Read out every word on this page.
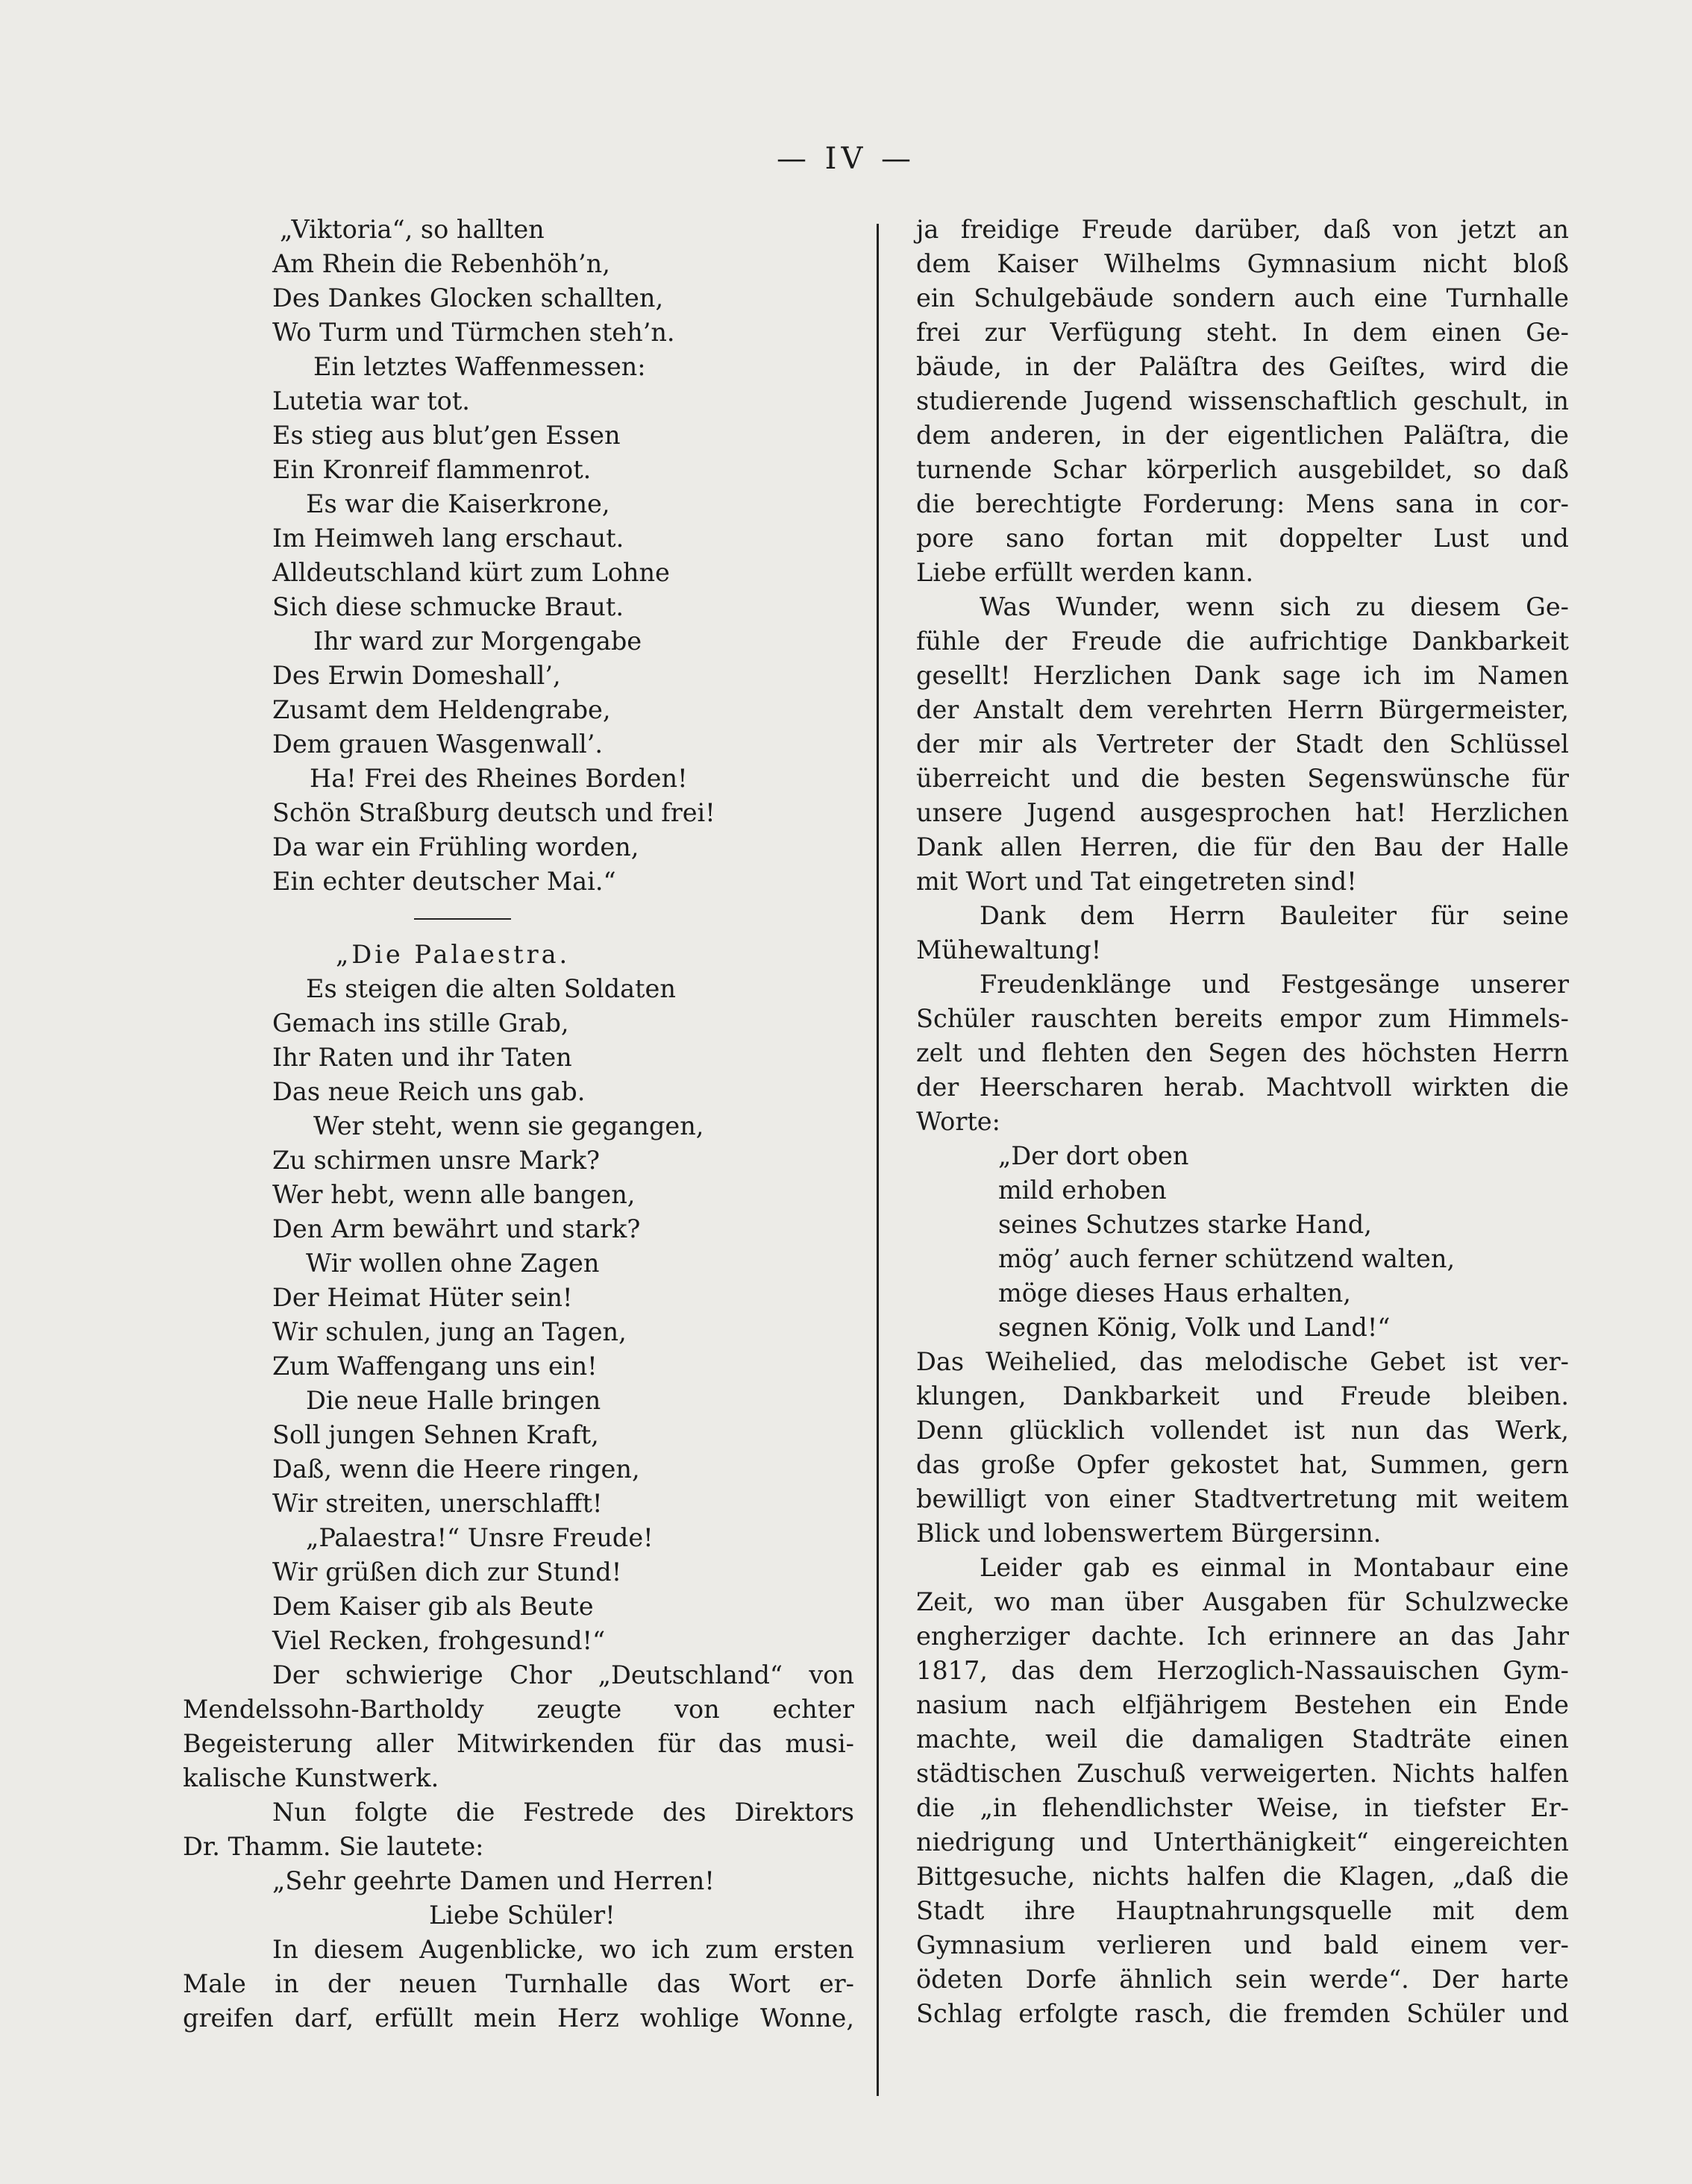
— IV —
„Viktoria“, so hallten
Am Rhein die Rebenhöh’n,
Des Dankes Glocken schallten,
Wo Turm und Türmchen steh’n.
Ein letztes Waffenmessen:
Lutetia war tot.
Es stieg aus blut’gen Essen
Ein Kronreif flammenrot.
Es war die Kaiserkrone,
Im Heimweh lang erschaut.
Alldeutschland kürt zum Lohne
Sich diese schmucke Braut.
Ihr ward zur Morgengabe
Des Erwin Domeshall’,
Zusamt dem Heldengrabe,
Dem grauen Wasgenwall’.
Ha! Frei des Rheines Borden!
Schön Straßburg deutsch und frei!
Da war ein Frühling worden,
Ein echter deutscher Mai.“
„Die Palaestra.
Es steigen die alten Soldaten
Gemach ins stille Grab,
Ihr Raten und ihr Taten
Das neue Reich uns gab.
Wer steht, wenn sie gegangen,
Zu schirmen unsre Mark?
Wer hebt, wenn alle bangen,
Den Arm bewährt und stark?
Wir wollen ohne Zagen
Der Heimat Hüter sein!
Wir schulen, jung an Tagen,
Zum Waffengang uns ein!
Die neue Halle bringen
Soll jungen Sehnen Kraft,
Daß, wenn die Heere ringen,
Wir streiten, unerschlafft!
„Palaestra!“ Unsre Freude!
Wir grüßen dich zur Stund!
Dem Kaiser gib als Beute
Viel Recken, frohgesund!“
Der schwierige Chor „Deutschland“ von
Mendelssohn-Bartholdy zeugte von echter
Begeisterung aller Mitwirkenden für das musi-
kalische Kunstwerk.
Nun folgte die Festrede des Direktors
Dr. Thamm. Sie lautete:
„Sehr geehrte Damen und Herren!
Liebe Schüler!
In diesem Augenblicke, wo ich zum ersten
Male in der neuen Turnhalle das Wort er-
greifen darf, erfüllt mein Herz wohlige Wonne,
ja freidige Freude darüber, daß von jetzt an
dem Kaiser Wilhelms Gymnasium nicht bloß
ein Schulgebäude sondern auch eine Turnhalle
frei zur Verfügung steht. In dem einen Ge-
bäude, in der Paläſtra des Geiſtes, wird die
studierende Jugend wissenschaftlich geschult, in
dem anderen, in der eigentlichen Paläſtra, die
turnende Schar körperlich ausgebildet, so daß
die berechtigte Forderung: Mens sana in cor-
pore sano fortan mit doppelter Lust und
Liebe erfüllt werden kann.
Was Wunder, wenn sich zu diesem Ge-
fühle der Freude die aufrichtige Dankbarkeit
gesellt! Herzlichen Dank sage ich im Namen
der Anstalt dem verehrten Herrn Bürgermeister,
der mir als Vertreter der Stadt den Schlüssel
überreicht und die besten Segenswünsche für
unsere Jugend ausgesprochen hat! Herzlichen
Dank allen Herren, die für den Bau der Halle
mit Wort und Tat eingetreten sind!
Dank dem Herrn Bauleiter für seine
Mühewaltung!
Freudenklänge und Festgesänge unserer
Schüler rauschten bereits empor zum Himmels-
zelt und flehten den Segen des höchsten Herrn
der Heerscharen herab. Machtvoll wirkten die
Worte:
„Der dort oben
mild erhoben
seines Schutzes starke Hand,
mög’ auch ferner schützend walten,
möge dieses Haus erhalten,
segnen König, Volk und Land!“
Das Weihelied, das melodische Gebet ist ver-
klungen, Dankbarkeit und Freude bleiben.
Denn glücklich vollendet ist nun das Werk,
das große Opfer gekostet hat, Summen, gern
bewilligt von einer Stadtvertretung mit weitem
Blick und lobenswertem Bürgersinn.
Leider gab es einmal in Montabaur eine
Zeit, wo man über Ausgaben für Schulzwecke
engherziger dachte. Ich erinnere an das Jahr
1817, das dem Herzoglich-Nassauischen Gym-
nasium nach elfjährigem Bestehen ein Ende
machte, weil die damaligen Stadträte einen
städtischen Zuschuß verweigerten. Nichts halfen
die „in flehendlichster Weise, in tiefster Er-
niedrigung und Unterthänigkeit“ eingereichten
Bittgesuche, nichts halfen die Klagen, „daß die
Stadt ihre Hauptnahrungsquelle mit dem
Gymnasium verlieren und bald einem ver-
ödeten Dorfe ähnlich sein werde“. Der harte
Schlag erfolgte rasch, die fremden Schüler und
